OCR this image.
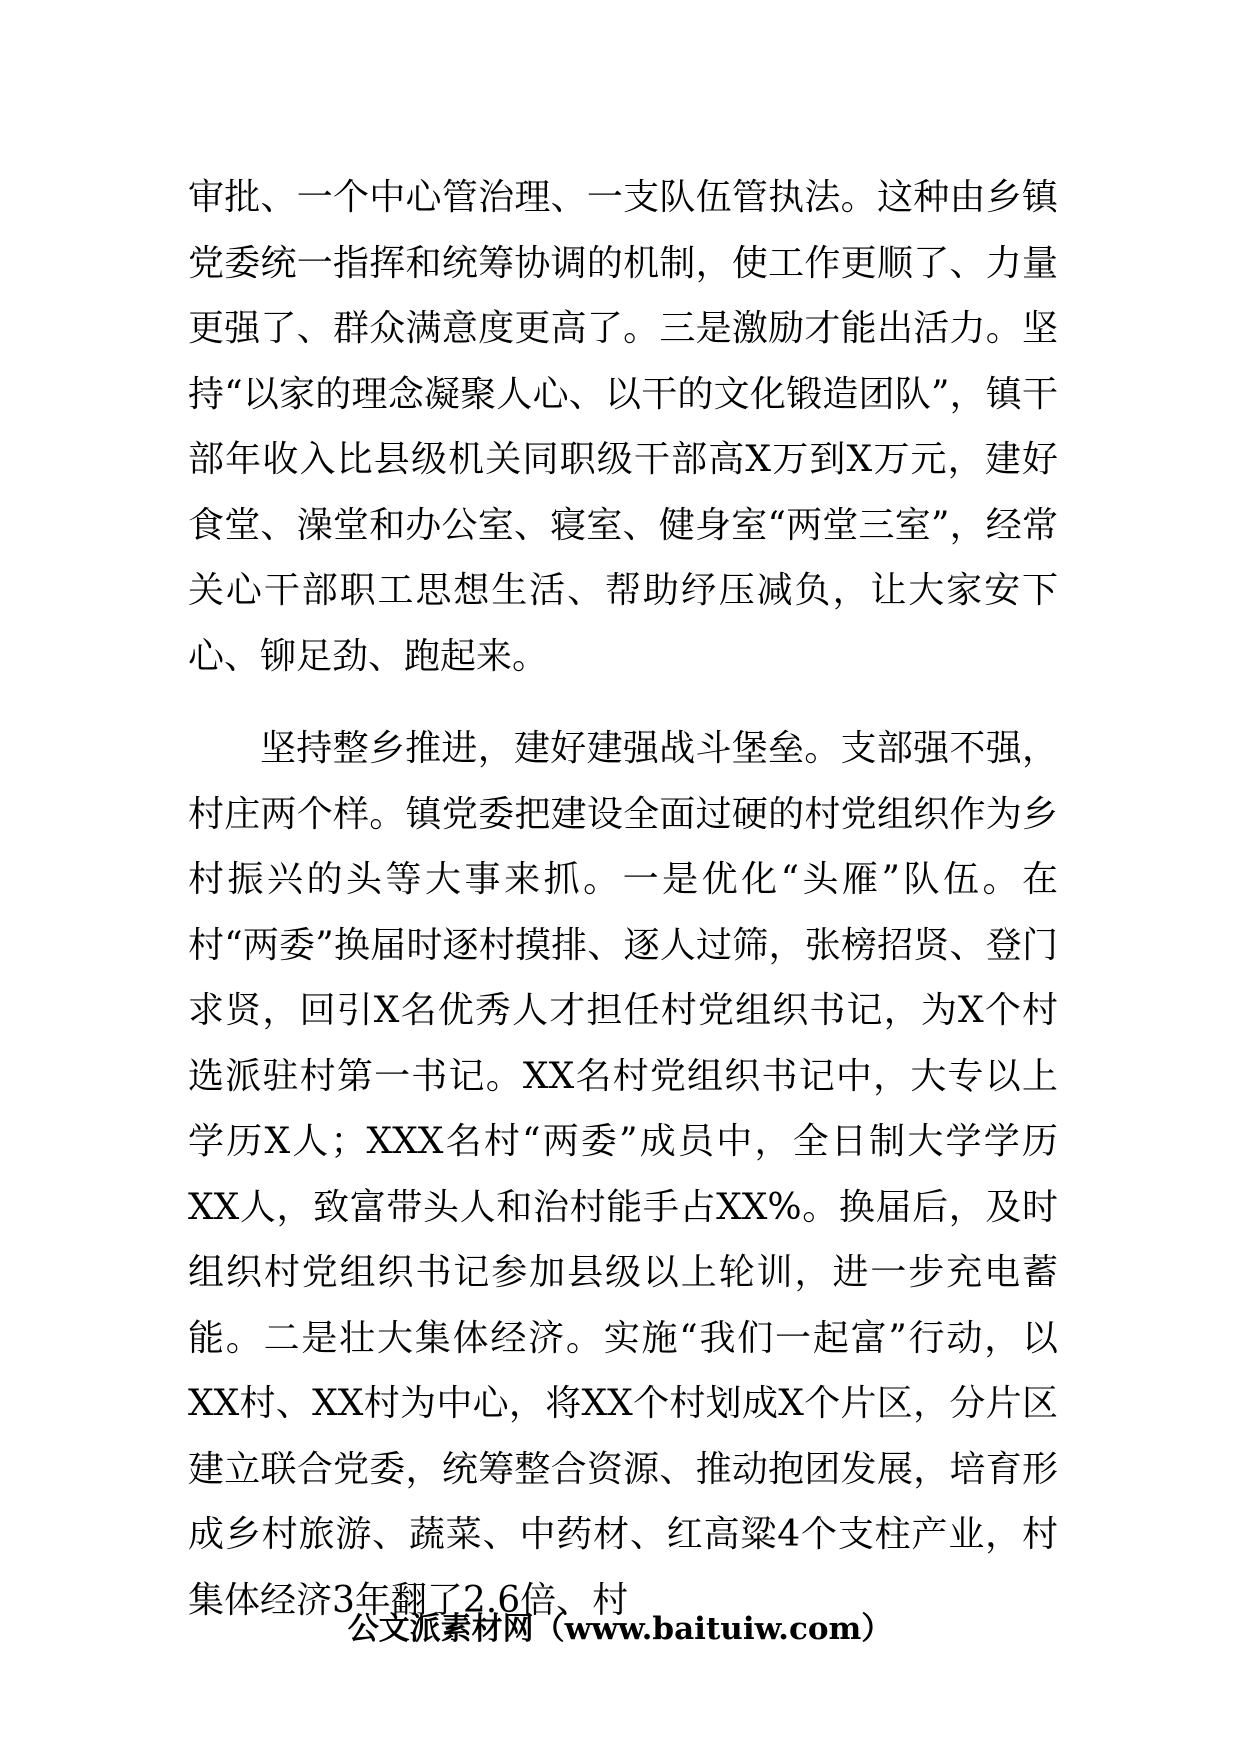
审批、一个中心管治理、一支队伍管执法。这种由乡镇党委统一指挥和统筹协调的机制，使工作更顺了、力量更强了、群众满意度更高了。三是激励才能出活力。坚持“以家的理念凝聚人心、以干的文化锻造团队”，镇干部年收入比县级机关同职级干部高X万到X万元，建好食堂、澡堂和办公室、寝室、健身室“两堂三室”，经常关心干部职工思想生活、帮助纾压减负，让大家安下心、铆足劲、跑起来。

坚持整乡推进，建好建强战斗堡垒。支部强不强，村庄两个样。镇党委把建设全面过硬的村党组织作为乡村振兴的头等大事来抓。一是优化“头雁”队伍。在村“两委”换届时逐村摸排、逐人过筛，张榜招贤、登门求贤，回引X名优秀人才担任村党组织书记，为X个村选派驻村第一书记。XX名村党组织书记中，大专以上学历X人；XXX名村“两委”成员中，全日制大学学历XX人，致富带头人和治村能手占XX%。换届后，及时组织村党组织书记参加县级以上轮训，进一步充电蓄能。二是壮大集体经济。实施“我们一起富”行动，以XX村、XX村为中心，将XX个村划成X个片区，分片区建立联合党委，统筹整合资源、推动抱团发展，培育形成乡村旅游、蔬菜、中药材、红高粱4个支柱产业，村集体经济3年翻了2.6倍、村

公文派素材网（www.baituiw.com）
